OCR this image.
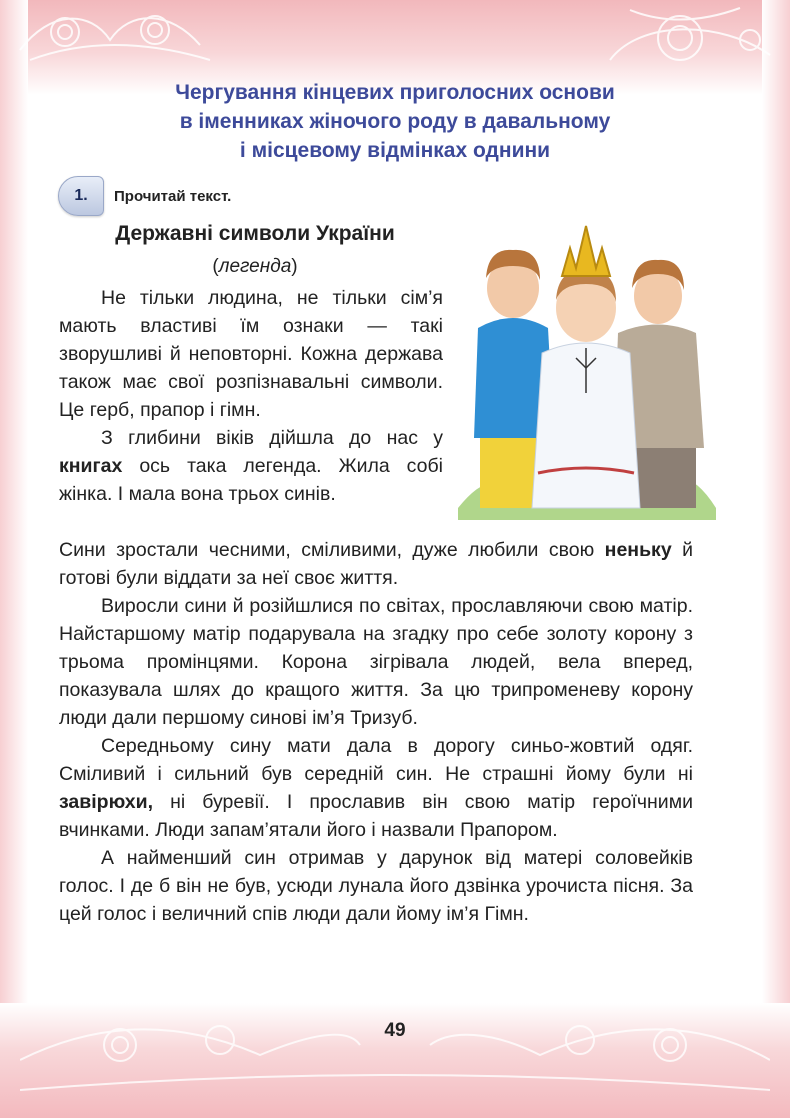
Чергування кінцевих приголосних основи
в іменниках жіночого роду в давальному
і місцевому відмінках однини
1.	Прочитай текст.
Державні символи України
(легенда)

Не тільки людина, не тільки сім’я мають властиві їм ознаки — такі зворушливі й неповторні. Кожна держава також має свої розпізнавальні символи. Це герб, прапор і гімн.

З глибини віків дійшла до нас у книгах ось така легенда. Жила собі жінка. І мала вона трьох синів.

Сини зростали чесними, сміливими, дуже любили свою неньку й готові були віддати за неї своє життя.

Виросли сини й розійшлися по світах, прославляючи свою матір. Найстаршому матір подарувала на згадку про себе золоту корону з трьома промінцями. Корона зігрівала людей, вела вперед, показувала шлях до кращого життя. За цю трипроменеву корону люди дали першому синові ім’я Тризуб.

Середньому сину мати дала в дорогу синьо-жовтий одяг. Сміливий і сильний був середній син. Не страшні йому були ні завірюхи, ні буревії. І прославив він свою матір героїчними вчинками. Люди запам’ятали його і назвали Прапором.

А найменший син отримав у дарунок від матері соловейків голос. І де б він не був, усюди лунала його дзвінка урочиста пісня. За цей голос і величний спів люди дали йому ім’я Гімн.

49
